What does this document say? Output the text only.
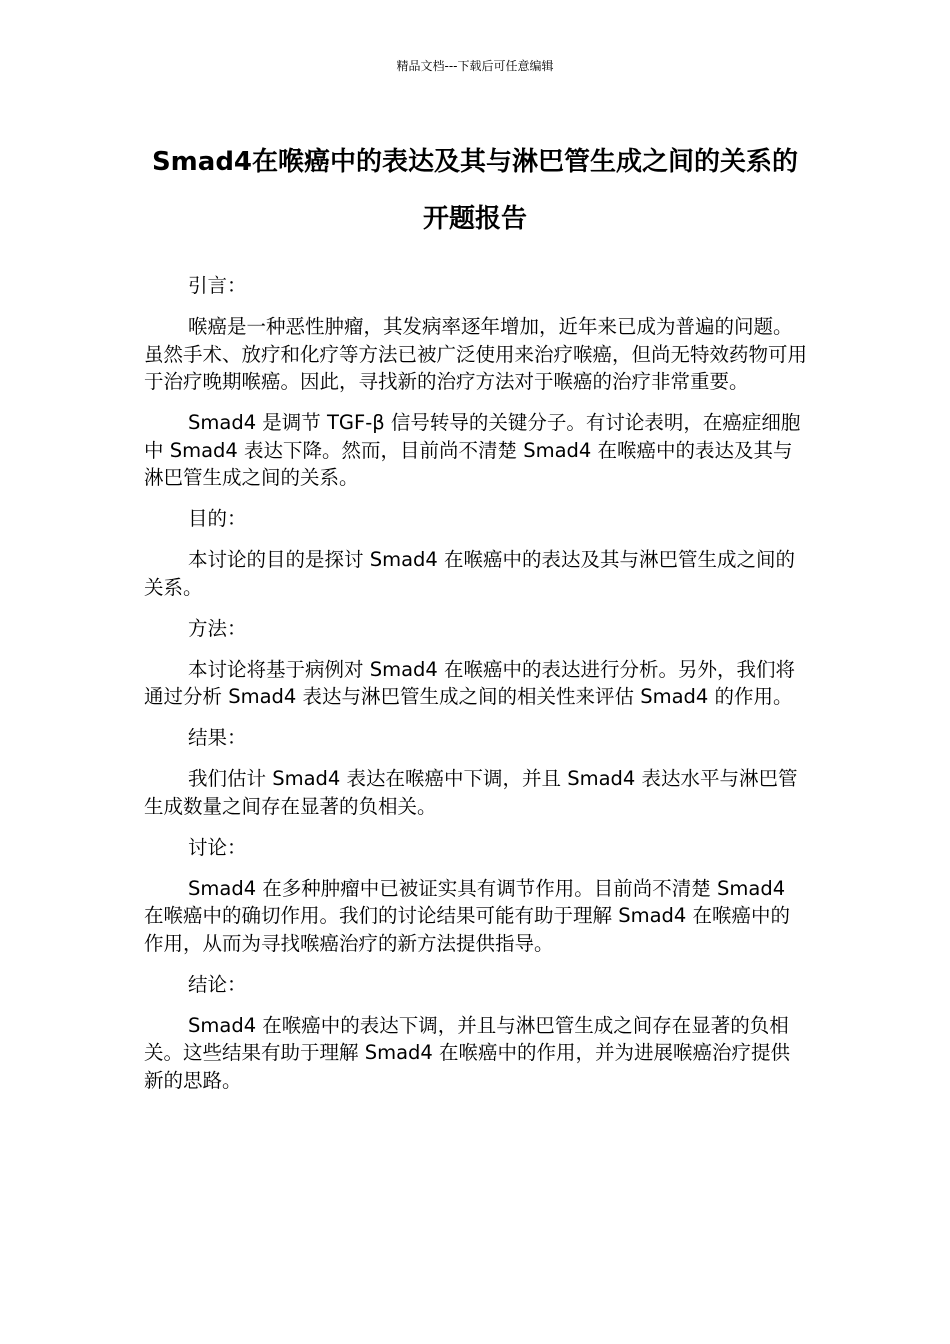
精品文档---下载后可任意编辑
Smad4在喉癌中的表达及其与淋巴管生成之间的关系的开题报告

引言：

喉癌是一种恶性肿瘤，其发病率逐年增加，近年来已成为普遍的问题。虽然手术、放疗和化疗等方法已被广泛使用来治疗喉癌，但尚无特效药物可用于治疗晚期喉癌。因此，寻找新的治疗方法对于喉癌的治疗非常重要。

Smad4 是调节 TGF-β 信号转导的关键分子。有讨论表明，在癌症细胞中 Smad4 表达下降。然而，目前尚不清楚 Smad4 在喉癌中的表达及其与淋巴管生成之间的关系。

目的：

本讨论的目的是探讨 Smad4 在喉癌中的表达及其与淋巴管生成之间的关系。

方法：

本讨论将基于病例对 Smad4 在喉癌中的表达进行分析。另外，我们将通过分析 Smad4 表达与淋巴管生成之间的相关性来评估 Smad4 的作用。

结果：

我们估计 Smad4 表达在喉癌中下调，并且 Smad4 表达水平与淋巴管生成数量之间存在显著的负相关。

讨论：

Smad4 在多种肿瘤中已被证实具有调节作用。目前尚不清楚 Smad4 在喉癌中的确切作用。我们的讨论结果可能有助于理解 Smad4 在喉癌中的作用，从而为寻找喉癌治疗的新方法提供指导。

结论：

Smad4 在喉癌中的表达下调，并且与淋巴管生成之间存在显著的负相关。这些结果有助于理解 Smad4 在喉癌中的作用，并为进展喉癌治疗提供新的思路。
